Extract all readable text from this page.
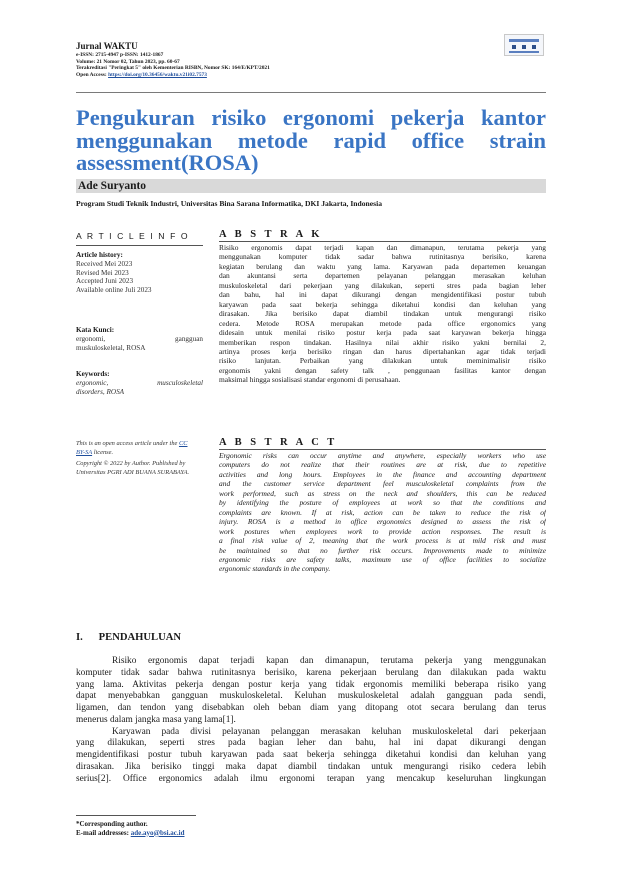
Jurnal WAKTU
e-ISSN: 2715-4947 p-ISSN: 1412-1867
Volume: 21 Nomor 02, Tahun 2023, pp. 60-67
Terakreditasi "Peringkat 5" oleh Kementerian RISBN, Nomor SK: 164/E/KPT/2021
Open Access: https://doi.org/10.36456/waktu.v21i02.7573
Pengukuran risiko ergonomi pekerja kantor
menggunakan metode rapid office strain
assessment(ROSA)
Ade Suryanto
Program Studi Teknik Industri, Universitas Bina Sarana Informatika, DKI Jakarta, Indonesia
A R T I C L E I N F O
Article history:
Received Mei 2023
Revised Mei 2023
Accepted Juni 2023
Available online Juli 2023
Kata Kunci:
ergonomi, gangguan
muskuloskeletal, ROSA
Keywords:
ergonomic, musculoskeletal
disorders, ROSA
This is an open access article under the CC
BY-SA license.
Copyright © 2022 by Author. Published by
Universitas PGRI ADI BUANA SURABAYA.
A B S T R A K
Risiko ergonomis dapat terjadi kapan dan dimanapun, terutama pekerja yang
menggunakan komputer tidak sadar bahwa rutinitasnya berisiko, karena
kegiatan berulang dan waktu yang lama. Karyawan pada departemen keuangan
dan akuntansi serta departemen pelayanan pelanggan merasakan keluhan
muskuloskeletal dari pekerjaan yang dilakukan, seperti stres pada bagian leher
dan bahu, hal ini dapat dikurangi dengan mengidentifikasi postur tubuh
karyawan pada saat bekerja sehingga diketahui kondisi dan keluhan yang
dirasakan. Jika berisiko dapat diambil tindakan untuk mengurangi risiko
cedera. Metode ROSA merupakan metode pada office ergonomics yang
didesain untuk menilai risiko postur kerja pada saat karyawan bekerja hingga
memberikan respon tindakan. Hasilnya nilai akhir risiko yakni bernilai 2,
artinya proses kerja berisiko ringan dan harus dipertahankan agar tidak terjadi
risiko lanjutan. Perbaikan yang dilakukan untuk meminimalisir risiko
ergonomis yakni dengan safety talk , penggunaan fasilitas kantor dengan
maksimal hingga sosialisasi standar ergonomi di perusahaan.
A B S T R A C T
Ergonomic risks can occur anytime and anywhere, especially workers who use
computers do not realize that their routines are at risk, due to repetitive
activities and long hours. Employees in the finance and accounting department
and the customer service department feel musculoskeletal complaints from the
work performed, such as stress on the neck and shoulders, this can be reduced
by identifying the posture of employees at work so that the conditions and
complaints are known. If at risk, action can be taken to reduce the risk of
injury. ROSA is a method in office ergonomics designed to assess the risk of
work postures when employees work to provide action responses. The result is
a final risk value of 2, meaning that the work process is at mild risk and must
be maintained so that no further risk occurs. Improvements made to minimize
ergonomic risks are safety talks, maximum use of office facilities to socialize
ergonomic standards in the company.
I. PENDAHULUAN
Risiko ergonomis dapat terjadi kapan dan dimanapun, terutama pekerja yang menggunakan
komputer tidak sadar bahwa rutinitasnya berisiko, karena pekerjaan berulang dan dilakukan pada waktu
yang lama. Aktivitas pekerja dengan postur kerja yang tidak ergonomis memiliki beberapa risiko yang
dapat menyebabkan gangguan muskuloskeletal. Keluhan muskuloskeletal adalah gangguan pada sendi,
ligamen, dan tendon yang disebabkan oleh beban diam yang ditopang otot secara berulang dan terus
menerus dalam jangka masa yang lama[1].
Karyawan pada divisi pelayanan pelanggan merasakan keluhan muskuloskeletal dari pekerjaan
yang dilakukan, seperti stres pada bagian leher dan bahu, hal ini dapat dikurangi dengan
mengidentifikasi postur tubuh karyawan pada saat bekerja sehingga diketahui kondisi dan keluhan yang
dirasakan. Jika berisiko tinggi maka dapat diambil tindakan untuk mengurangi risiko cedera lebih
serius[2]. Office ergonomics adalah ilmu ergonomi terapan yang mencakup keseluruhan lingkungan
*Corresponding author.
E-mail addresses: ade.ayo@bsi.ac.id
